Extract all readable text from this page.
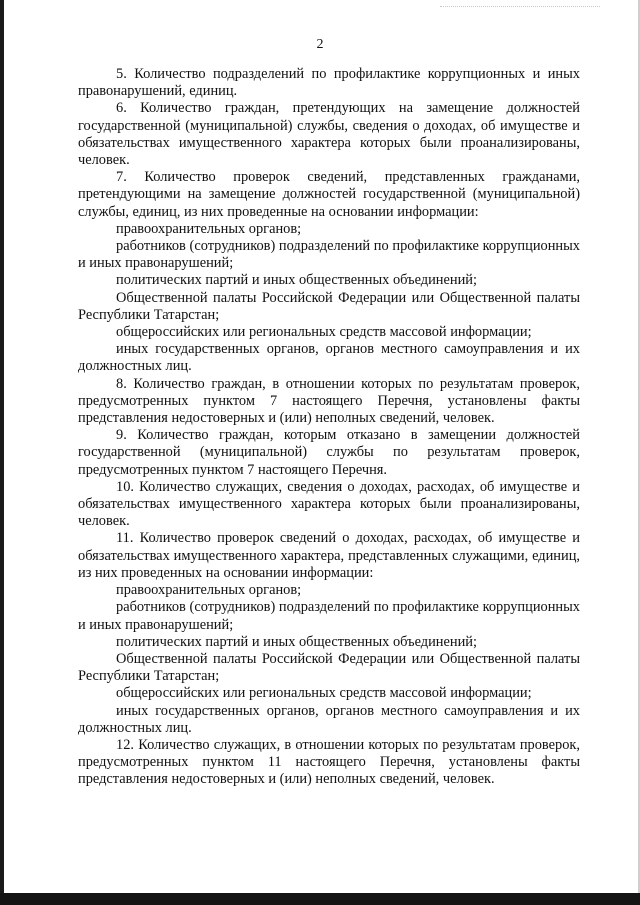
2

5. Количество подразделений по профилактике коррупционных и иных правонарушений, единиц.

6. Количество граждан, претендующих на замещение должностей государственной (муниципальной) службы, сведения о доходах, об имуществе и обязательствах имущественного характера которых были проанализированы, человек.

7. Количество проверок сведений, представленных гражданами, претендующими на замещение должностей государственной (муниципальной) службы, единиц, из них проведенные на основании информации:

правоохранительных органов;

работников (сотрудников) подразделений по профилактике коррупционных и иных правонарушений;

политических партий и иных общественных объединений;

Общественной палаты Российской Федерации или Общественной палаты Республики Татарстан;

общероссийских или региональных средств массовой информации;

иных государственных органов, органов местного самоуправления и их должностных лиц.

8. Количество граждан, в отношении которых по результатам проверок, предусмотренных пунктом 7 настоящего Перечня, установлены факты представления недостоверных и (или) неполных сведений, человек.

9. Количество граждан, которым отказано в замещении должностей государственной (муниципальной) службы по результатам проверок, предусмотренных пунктом 7 настоящего Перечня.

10. Количество служащих, сведения о доходах, расходах, об имуществе и обязательствах имущественного характера которых были проанализированы, человек.

11. Количество проверок сведений о доходах, расходах, об имуществе и обязательствах имущественного характера, представленных служащими, единиц, из них проведенных на основании информации:

правоохранительных органов;

работников (сотрудников) подразделений по профилактике коррупционных и иных правонарушений;

политических партий и иных общественных объединений;

Общественной палаты Российской Федерации или Общественной палаты Республики Татарстан;

общероссийских или региональных средств массовой информации;

иных государственных органов, органов местного самоуправления и их должностных лиц.

12. Количество служащих, в отношении которых по результатам проверок, предусмотренных пунктом 11 настоящего Перечня, установлены факты представления недостоверных и (или) неполных сведений, человек.
